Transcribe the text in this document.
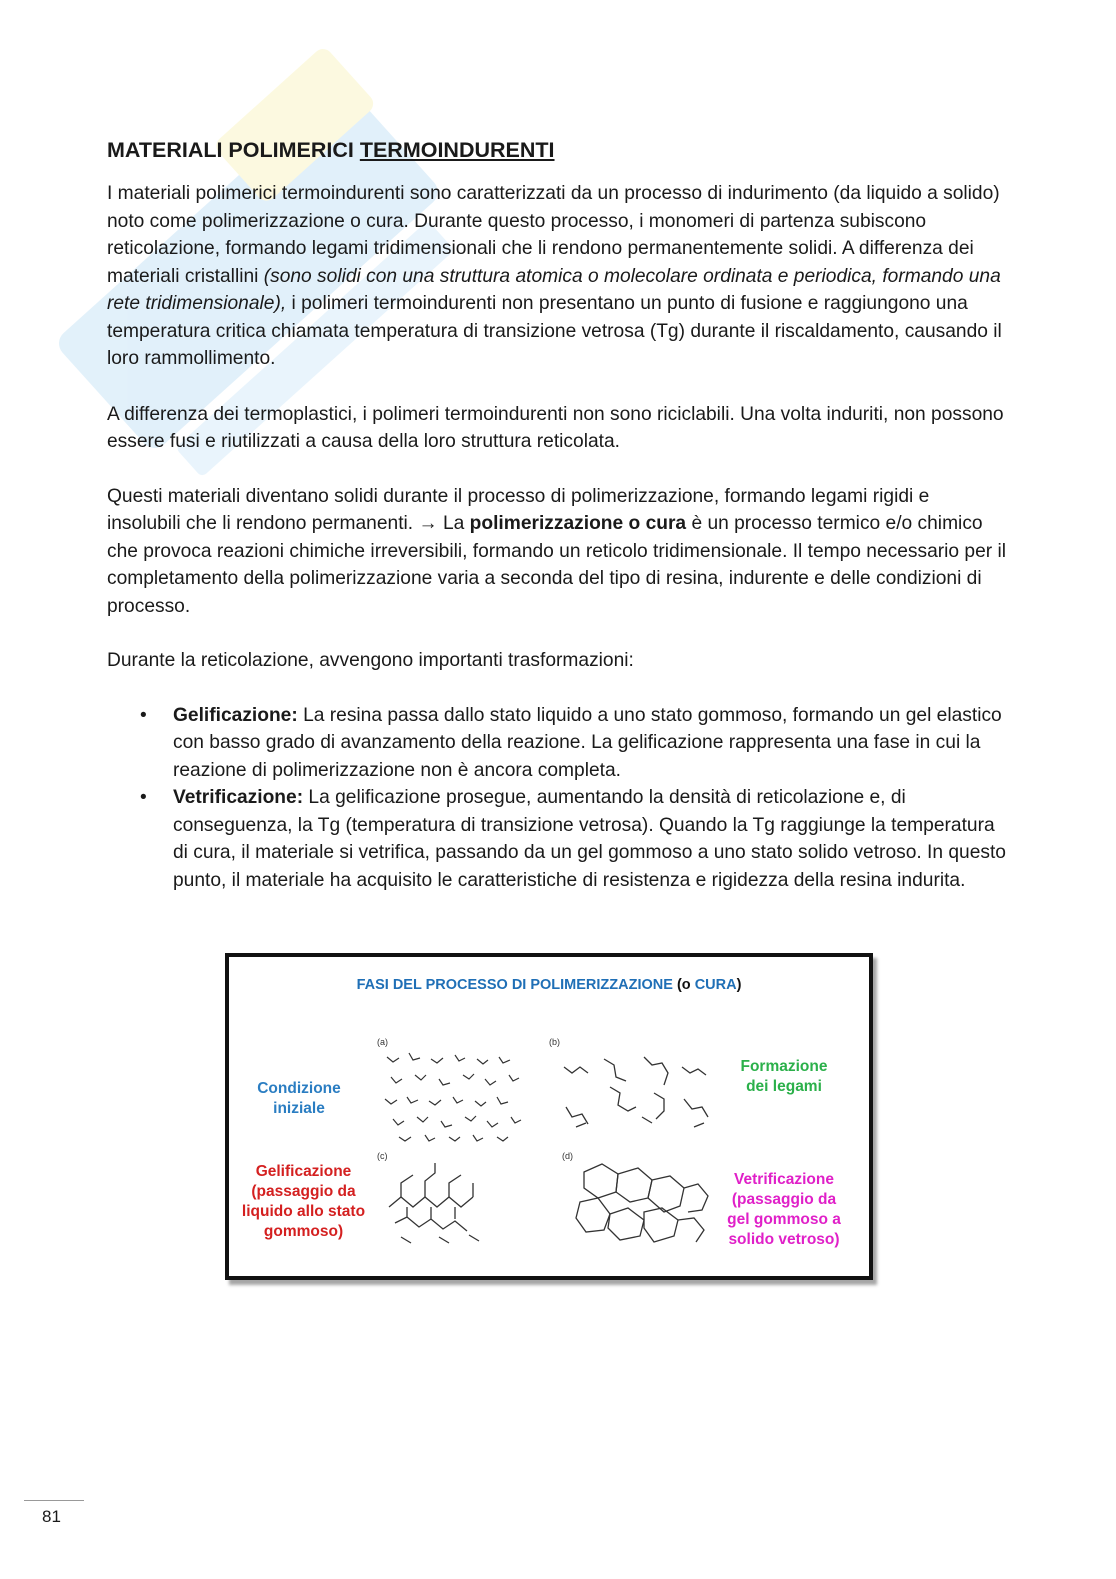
MATERIALI POLIMERICI TERMOINDURENTI

I materiali polimerici termoindurenti sono caratterizzati da un processo di indurimento (da liquido a solido) noto come polimerizzazione o cura. Durante questo processo, i monomeri di partenza subiscono reticolazione, formando legami tridimensionali che li rendono permanentemente solidi. A differenza dei materiali cristallini (sono solidi con una struttura atomica o molecolare ordinata e periodica, formando una rete tridimensionale), i polimeri termoindurenti non presentano un punto di fusione e raggiungono una temperatura critica chiamata temperatura di transizione vetrosa (Tg) durante il riscaldamento, causando il loro rammollimento.

A differenza dei termoplastici, i polimeri termoindurenti non sono riciclabili. Una volta induriti, non possono essere fusi e riutilizzati a causa della loro struttura reticolata.

Questi materiali diventano solidi durante il processo di polimerizzazione, formando legami rigidi e insolubili che li rendono permanenti. → La polimerizzazione o cura è un processo termico e/o chimico che provoca reazioni chimiche irreversibili, formando un reticolo tridimensionale. Il tempo necessario per il completamento della polimerizzazione varia a seconda del tipo di resina, indurente e delle condizioni di processo.

Durante la reticolazione, avvengono importanti trasformazioni:

• Gelificazione: La resina passa dallo stato liquido a uno stato gommoso, formando un gel elastico con basso grado di avanzamento della reazione. La gelificazione rappresenta una fase in cui la reazione di polimerizzazione non è ancora completa.
• Vetrificazione: La gelificazione prosegue, aumentando la densità di reticolazione e, di conseguenza, la Tg (temperatura di transizione vetrosa). Quando la Tg raggiunge la temperatura di cura, il materiale si vetrifica, passando da un gel gommoso a uno stato solido vetroso. In questo punto, il materiale ha acquisito le caratteristiche di resistenza e rigidezza della resina indurita.
FASI DEL PROCESSO DI POLIMERIZZAZIONE (o CURA)
Condizione
iniziale
Formazione
dei legami
Gelificazione
(passaggio da
liquido allo stato
gommoso)
Vetrificazione
(passaggio da
gel gommoso a
solido vetroso)
(a)	(b)
(c)	(d)
81
